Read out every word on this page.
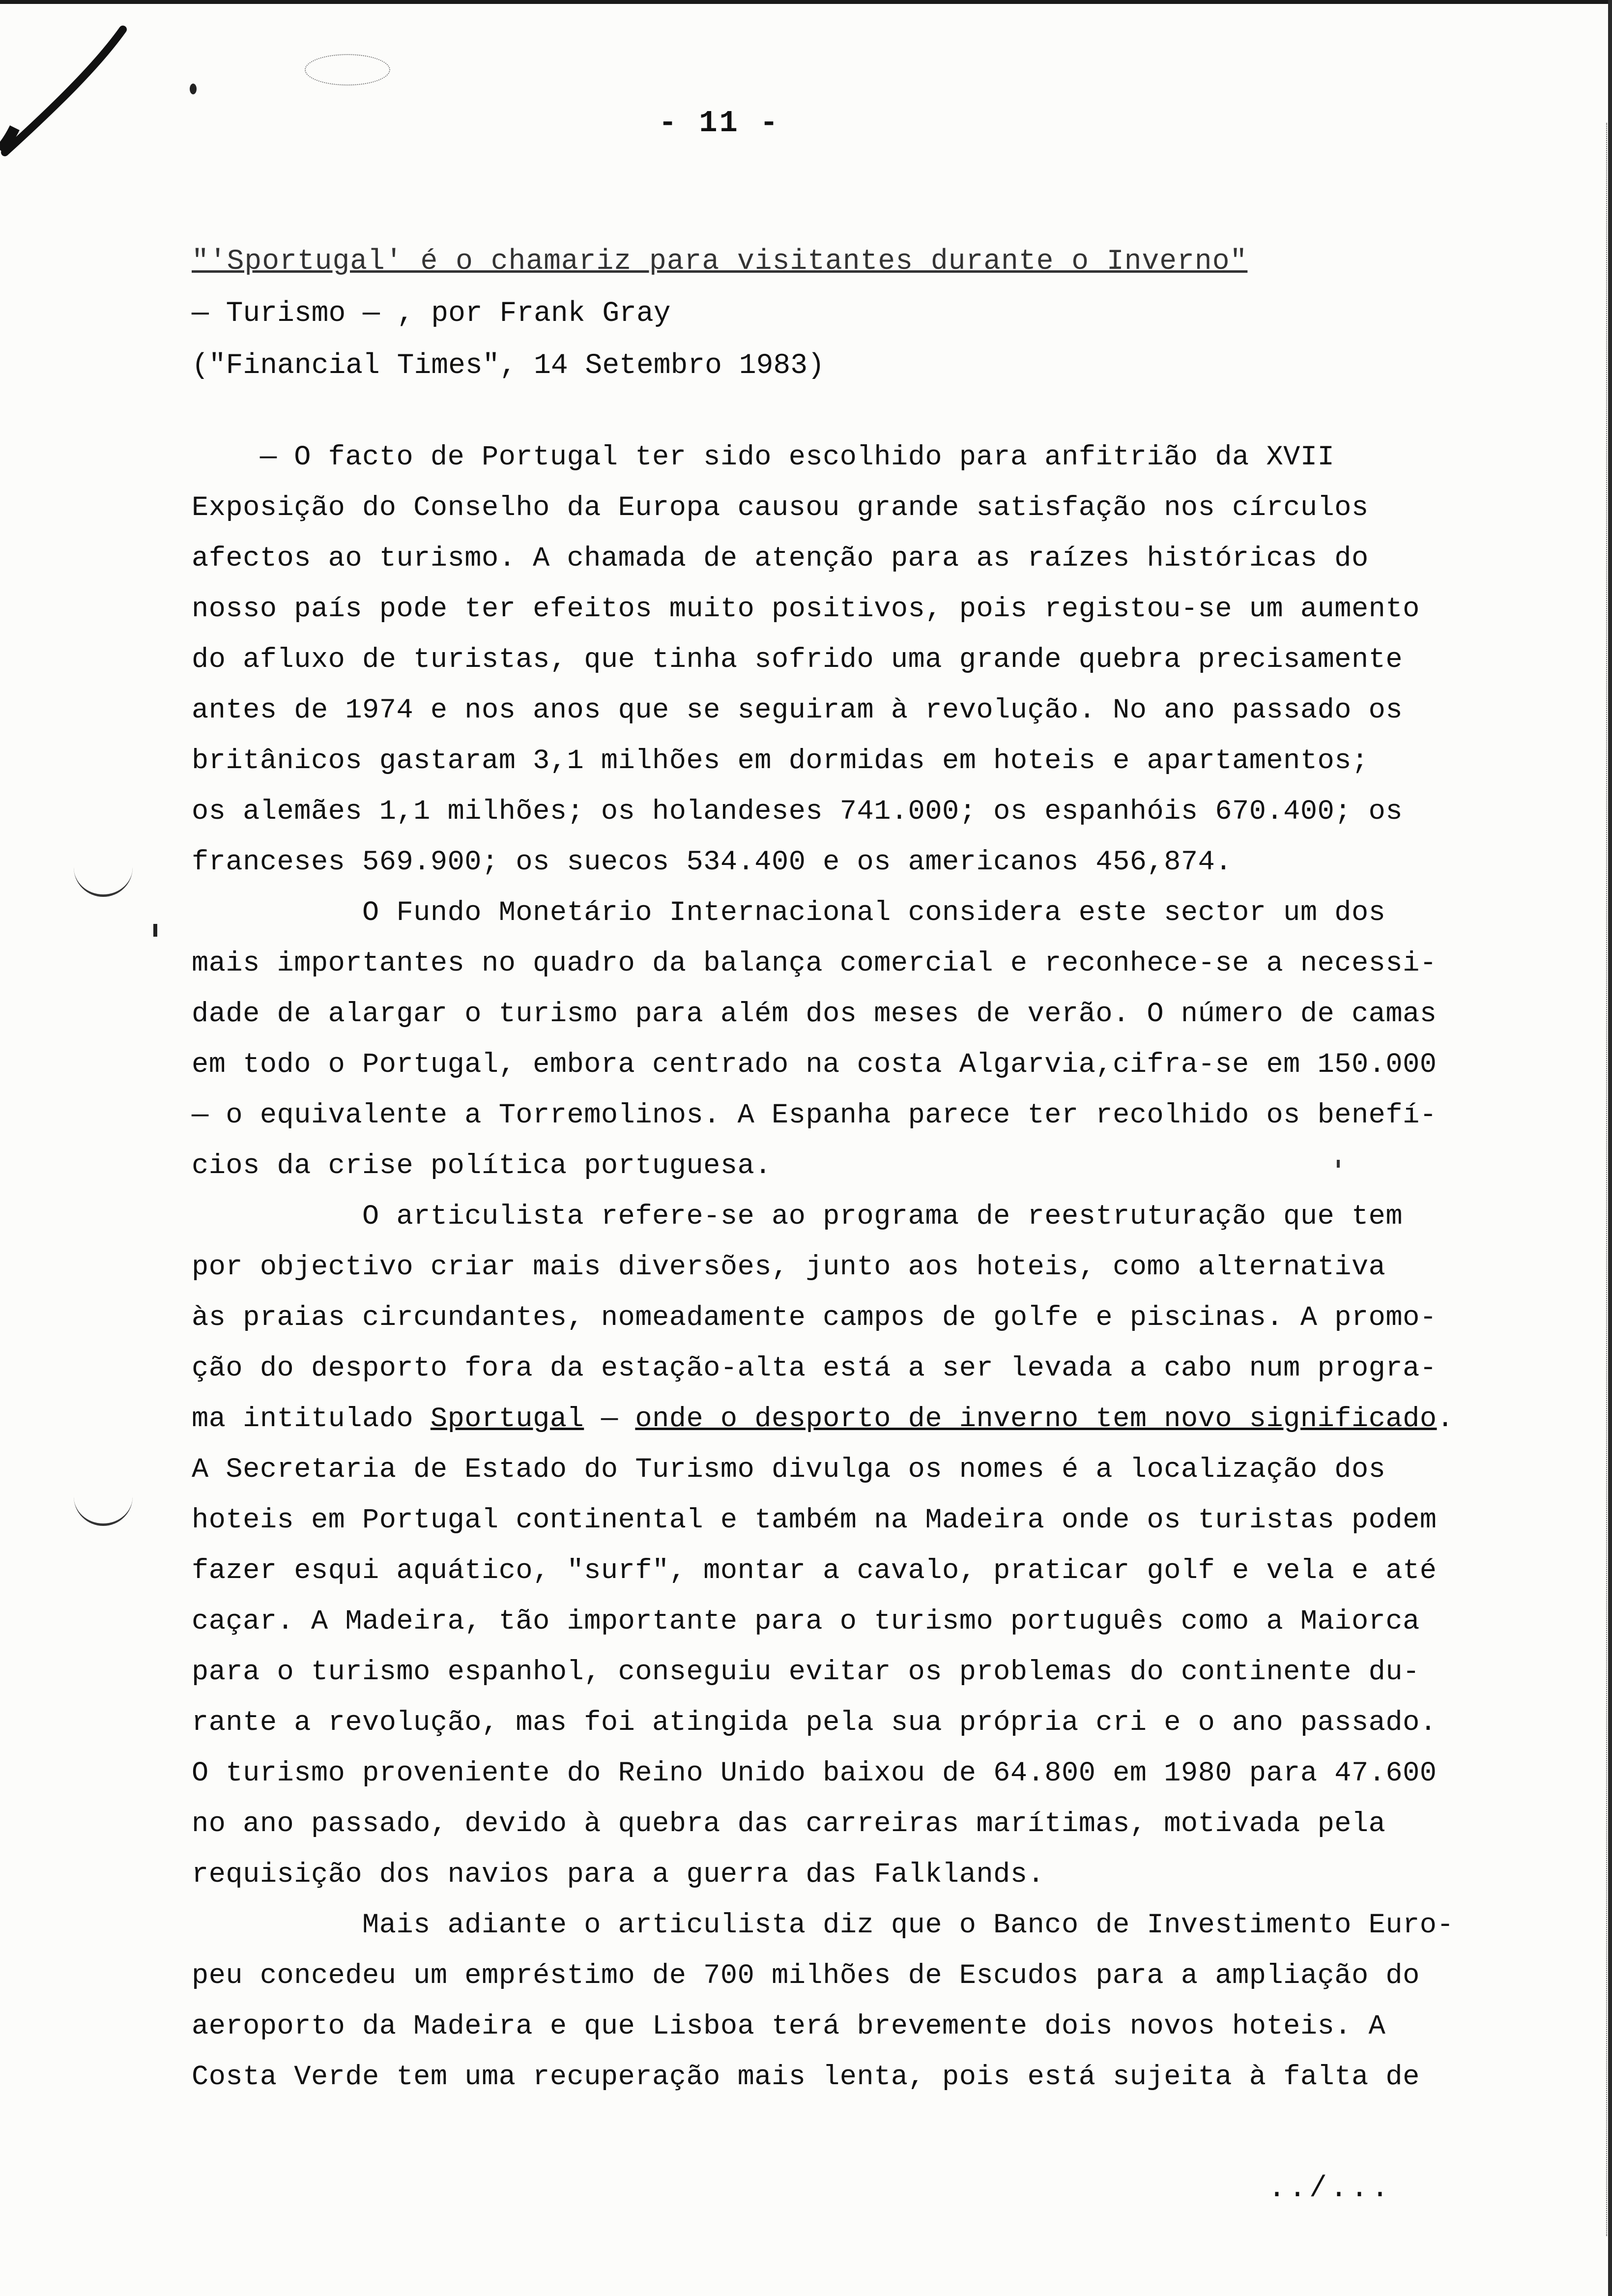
- 11 -
"'Sportugal' é o chamariz para visitantes durante o Inverno"
— Turismo — , por Frank Gray
("Financial Times", 14 Setembro 1983)
— O facto de Portugal ter sido escolhido para anfitrião da XVII
Exposição do Conselho da Europa causou grande satisfação nos círculos
afectos ao turismo. A chamada de atenção para as raízes históricas do
nosso país pode ter efeitos muito positivos, pois registou-se um aumento
do afluxo de turistas, que tinha sofrido uma grande quebra precisamente
antes de 1974 e nos anos que se seguiram à revolução. No ano passado os
britânicos gastaram 3,1 milhões em dormidas em hoteis e apartamentos;
os alemães 1,1 milhões; os holandeses 741.000; os espanhóis 670.400; os
franceses 569.900; os suecos 534.400 e os americanos 456,874.
O Fundo Monetário Internacional considera este sector um dos
mais importantes no quadro da balança comercial e reconhece-se a necessi-
dade de alargar o turismo para além dos meses de verão. O número de camas
em todo o Portugal, embora centrado na costa Algarvia,cifra-se em 150.000
— o equivalente a Torremolinos. A Espanha parece ter recolhido os benefí-
cios da crise política portuguesa.
O articulista refere-se ao programa de reestruturação que tem
por objectivo criar mais diversões, junto aos hoteis, como alternativa
às praias circundantes, nomeadamente campos de golfe e piscinas. A promo-
ção do desporto fora da estação-alta está a ser levada a cabo num progra-
ma intitulado Sportugal — onde o desporto de inverno tem novo significado.
A Secretaria de Estado do Turismo divulga os nomes é a localização dos
hoteis em Portugal continental e também na Madeira onde os turistas podem
fazer esqui aquático, "surf", montar a cavalo, praticar golf e vela e até
caçar. A Madeira, tão importante para o turismo português como a Maiorca
para o turismo espanhol, conseguiu evitar os problemas do continente du-
rante a revolução, mas foi atingida pela sua própria cri e o ano passado.
O turismo proveniente do Reino Unido baixou de 64.800 em 1980 para 47.600
no ano passado, devido à quebra das carreiras marítimas, motivada pela
requisição dos navios para a guerra das Falklands.
Mais adiante o articulista diz que o Banco de Investimento Euro-
peu concedeu um empréstimo de 700 milhões de Escudos para a ampliação do
aeroporto da Madeira e que Lisboa terá brevemente dois novos hoteis. A
Costa Verde tem uma recuperação mais lenta, pois está sujeita à falta de
../...
